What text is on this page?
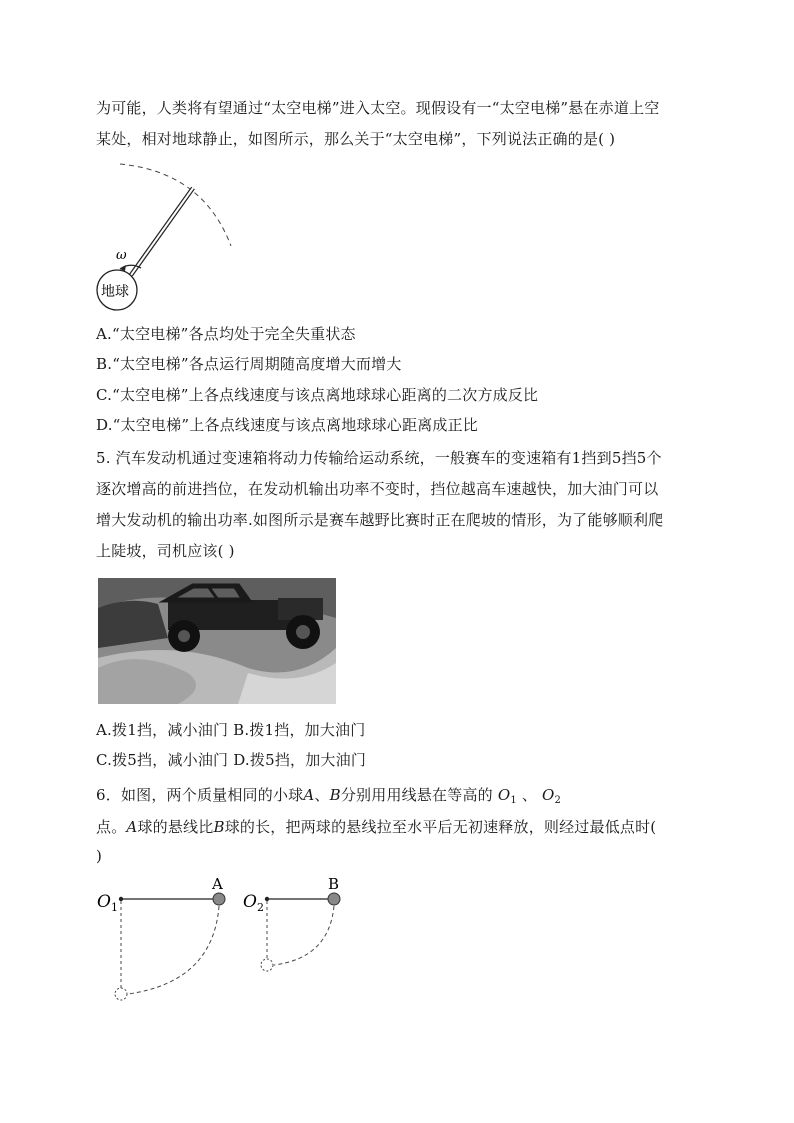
为可能，人类将有望通过“太空电梯”进入太空。现假设有一“太空电梯”悬在赤道上空
某处，相对地球静止，如图所示，那么关于“太空电梯”，下列说法正确的是( )
ω
地球
A.“太空电梯”各点均处于完全失重状态
B.“太空电梯”各点运行周期随高度增大而增大
C.“太空电梯”上各点线速度与该点离地球球心距离的二次方成反比
D.“太空电梯”上各点线速度与该点离地球球心距离成正比
5. 汽车发动机通过变速箱将动力传输给运动系统，一般赛车的变速箱有1挡到5挡5个
逐次增高的前进挡位，在发动机输出功率不变时，挡位越高车速越快，加大油门可以
增大发动机的输出功率.如图所示是赛车越野比赛时正在爬坡的情形，为了能够顺利爬
上陡坡，司机应该( )
A.拨1挡，减小油门 B.拨1挡，加大油门
C.拨5挡，减小油门 D.拨5挡，加大油门
6．如图，两个质量相同的小球A、B分别用用线悬在等高的 $O_1$ 、 $O_2$
点。A球的悬线比B球的长，把两球的悬线拉至水平后无初速释放，则经过最低点时(
)
O 1
A
O 2
B
